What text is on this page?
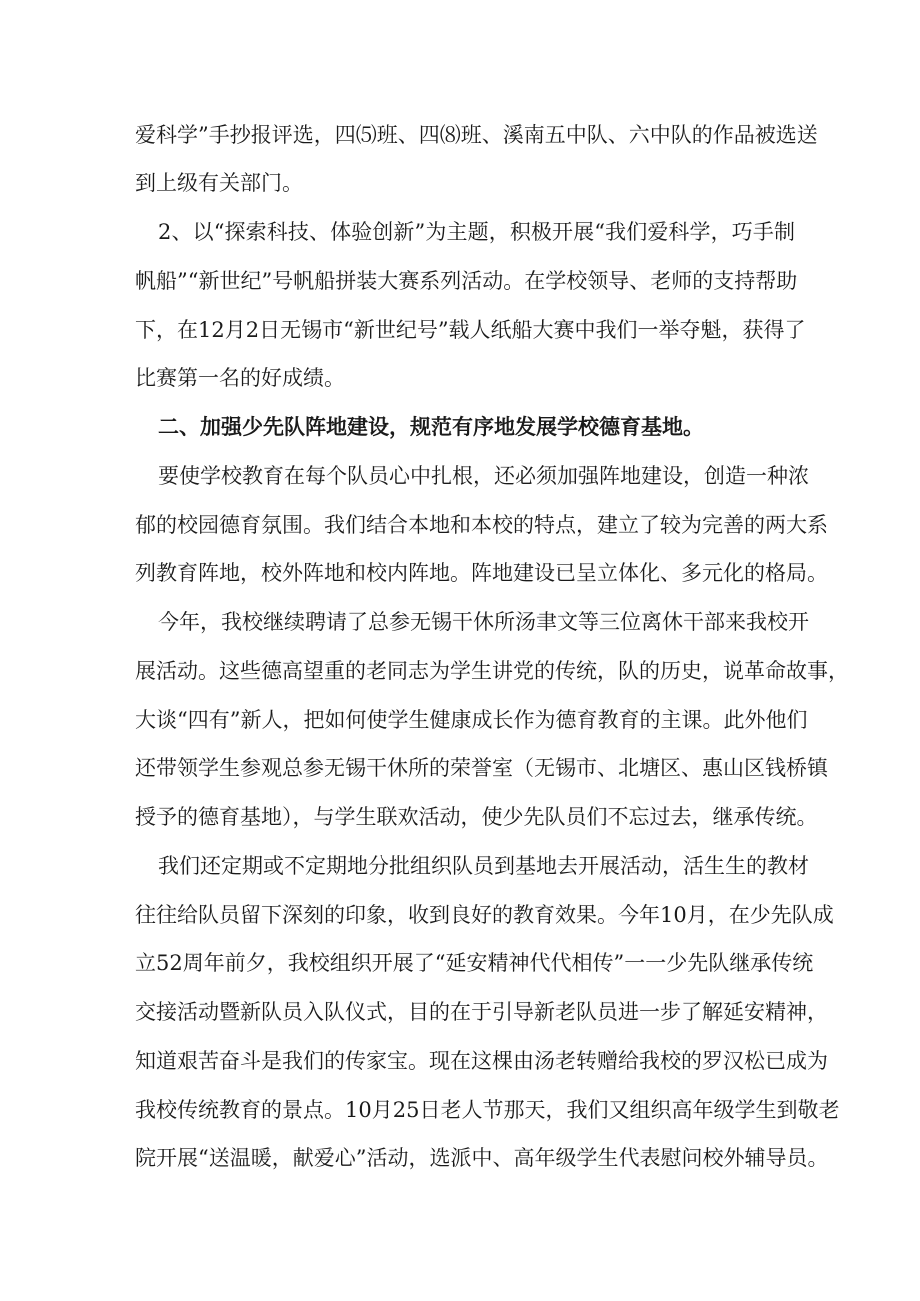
爱科学”手抄报评选，四⑸班、四⑻班、溪南五中队、六中队的作品被选送

到上级有关部门。

2、以“探索科技、体验创新”为主题，积极开展“我们爱科学，巧手制

帆船”“新世纪”号帆船拼装大赛系列活动。在学校领导、老师的支持帮助

下，在12月2日无锡市“新世纪号”载人纸船大赛中我们一举夺魁，获得了

比赛第一名的好成绩。

二、加强少先队阵地建设，规范有序地发展学校德育基地。

要使学校教育在每个队员心中扎根，还必须加强阵地建设，创造一种浓

郁的校园德育氛围。我们结合本地和本校的特点，建立了较为完善的两大系

列教育阵地，校外阵地和校内阵地。阵地建设已呈立体化、多元化的格局。

今年，我校继续聘请了总参无锡干休所汤聿文等三位离休干部来我校开

展活动。这些德高望重的老同志为学生讲党的传统，队的历史，说革命故事，

大谈“四有”新人，把如何使学生健康成长作为德育教育的主课。此外他们

还带领学生参观总参无锡干休所的荣誉室（无锡市、北塘区、惠山区钱桥镇

授予的德育基地），与学生联欢活动，使少先队员们不忘过去，继承传统。

我们还定期或不定期地分批组织队员到基地去开展活动，活生生的教材

往往给队员留下深刻的印象，收到良好的教育效果。今年10月，在少先队成

立52周年前夕，我校组织开展了“延安精神代代相传”一一少先队继承传统

交接活动暨新队员入队仪式，目的在于引导新老队员进一步了解延安精神，

知道艰苦奋斗是我们的传家宝。现在这棵由汤老转赠给我校的罗汉松已成为

我校传统教育的景点。10月25日老人节那天，我们又组织高年级学生到敬老

院开展“送温暖，献爱心”活动，选派中、高年级学生代表慰问校外辅导员。
